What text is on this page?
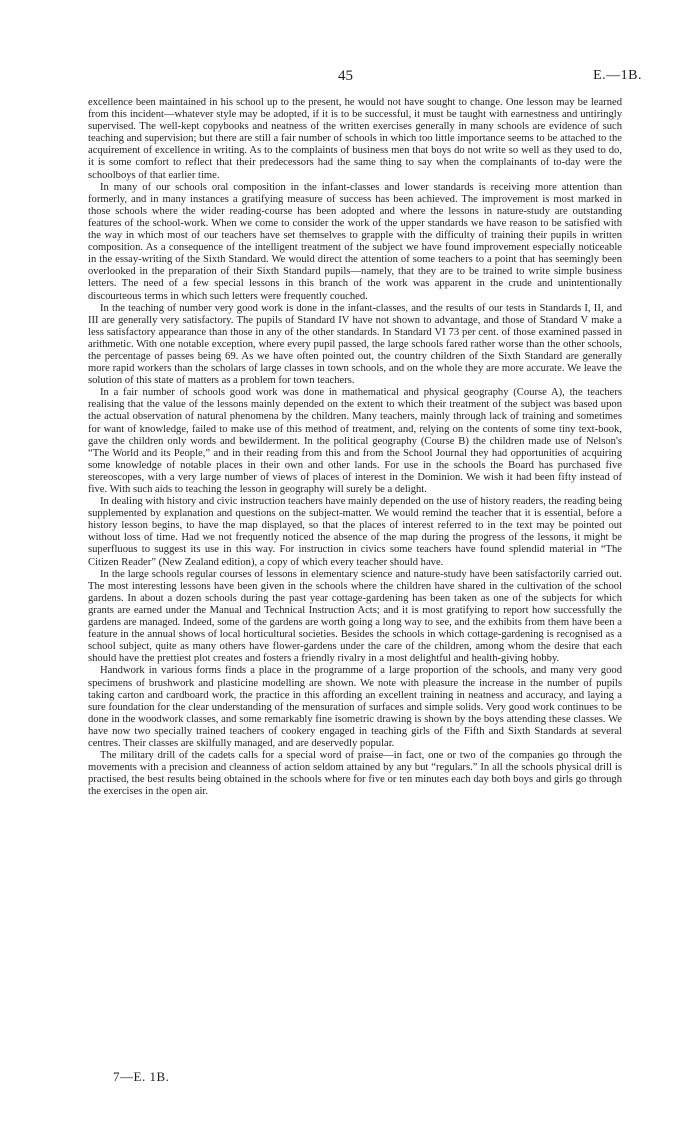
45	E.—1B.

excellence been maintained in his school up to the present, he would not have sought to change. One lesson may be learned from this incident—whatever style may be adopted, if it is to be successful, it must be taught with earnestness and untiringly supervised. The well-kept copybooks and neatness of the written exercises generally in many schools are evidence of such teaching and supervision; but there are still a fair number of schools in which too little importance seems to be attached to the acquirement of excellence in writing. As to the complaints of business men that boys do not write so well as they used to do, it is some comfort to reflect that their predecessors had the same thing to say when the complainants of to-day were the schoolboys of that earlier time.

In many of our schools oral composition in the infant-classes and lower standards is receiving more attention than formerly, and in many instances a gratifying measure of success has been achieved. The improvement is most marked in those schools where the wider reading-course has been adopted and where the lessons in nature-study are outstanding features of the school-work. When we come to consider the work of the upper standards we have reason to be satisfied with the way in which most of our teachers have set themselves to grapple with the difficulty of training their pupils in written composition. As a consequence of the intelligent treatment of the subject we have found improvement especially noticeable in the essay-writing of the Sixth Standard. We would direct the attention of some teachers to a point that has seemingly been overlooked in the preparation of their Sixth Standard pupils—namely, that they are to be trained to write simple business letters. The need of a few special lessons in this branch of the work was apparent in the crude and unintentionally discourteous terms in which such letters were frequently couched.

In the teaching of number very good work is done in the infant-classes, and the results of our tests in Standards I, II, and III are generally very satisfactory. The pupils of Standard IV have not shown to advantage, and those of Standard V make a less satisfactory appearance than those in any of the other standards. In Standard VI 73 per cent. of those examined passed in arithmetic. With one notable exception, where every pupil passed, the large schools fared rather worse than the other schools, the percentage of passes being 69. As we have often pointed out, the country children of the Sixth Standard are generally more rapid workers than the scholars of large classes in town schools, and on the whole they are more accurate. We leave the solution of this state of matters as a problem for town teachers.

In a fair number of schools good work was done in mathematical and physical geography (Course A), the teachers realising that the value of the lessons mainly depended on the extent to which their treatment of the subject was based upon the actual observation of natural phenomena by the children. Many teachers, mainly through lack of training and sometimes for want of knowledge, failed to make use of this method of treatment, and, relying on the contents of some tiny text-book, gave the children only words and bewilderment. In the political geography (Course B) the children made use of Nelson's “The World and its People,” and in their reading from this and from the School Journal they had opportunities of acquiring some knowledge of notable places in their own and other lands. For use in the schools the Board has purchased five stereoscopes, with a very large number of views of places of interest in the Dominion. We wish it had been fifty instead of five. With such aids to teaching the lesson in geography will surely be a delight.

In dealing with history and civic instruction teachers have mainly depended on the use of history readers, the reading being supplemented by explanation and questions on the subject-matter. We would remind the teacher that it is essential, before a history lesson begins, to have the map displayed, so that the places of interest referred to in the text may be pointed out without loss of time. Had we not frequently noticed the absence of the map during the progress of the lessons, it might be superfluous to suggest its use in this way. For instruction in civics some teachers have found splendid material in “The Citizen Reader” (New Zealand edition), a copy of which every teacher should have.

In the large schools regular courses of lessons in elementary science and nature-study have been satisfactorily carried out. The most interesting lessons have been given in the schools where the children have shared in the cultivation of the school gardens. In about a dozen schools during the past year cottage-gardening has been taken as one of the subjects for which grants are earned under the Manual and Technical Instruction Acts; and it is most gratifying to report how successfully the gardens are managed. Indeed, some of the gardens are worth going a long way to see, and the exhibits from them have been a feature in the annual shows of local horticultural societies. Besides the schools in which cottage-gardening is recognised as a school subject, quite as many others have flower-gardens under the care of the children, among whom the desire that each should have the prettiest plot creates and fosters a friendly rivalry in a most delightful and health-giving hobby.

Handwork in various forms finds a place in the programme of a large proportion of the schools, and many very good specimens of brushwork and plasticine modelling are shown. We note with pleasure the increase in the number of pupils taking carton and cardboard work, the practice in this affording an excellent training in neatness and accuracy, and laying a sure foundation for the clear understanding of the mensuration of surfaces and simple solids. Very good work continues to be done in the woodwork classes, and some remarkably fine isometric drawing is shown by the boys attending these classes. We have now two specially trained teachers of cookery engaged in teaching girls of the Fifth and Sixth Standards at several centres. Their classes are skilfully managed, and are deservedly popular.

The military drill of the cadets calls for a special word of praise—in fact, one or two of the companies go through the movements with a precision and cleanness of action seldom attained by any but “regulars.” In all the schools physical drill is practised, the best results being obtained in the schools where for five or ten minutes each day both boys and girls go through the exercises in the open air.

7—E. 1B.
